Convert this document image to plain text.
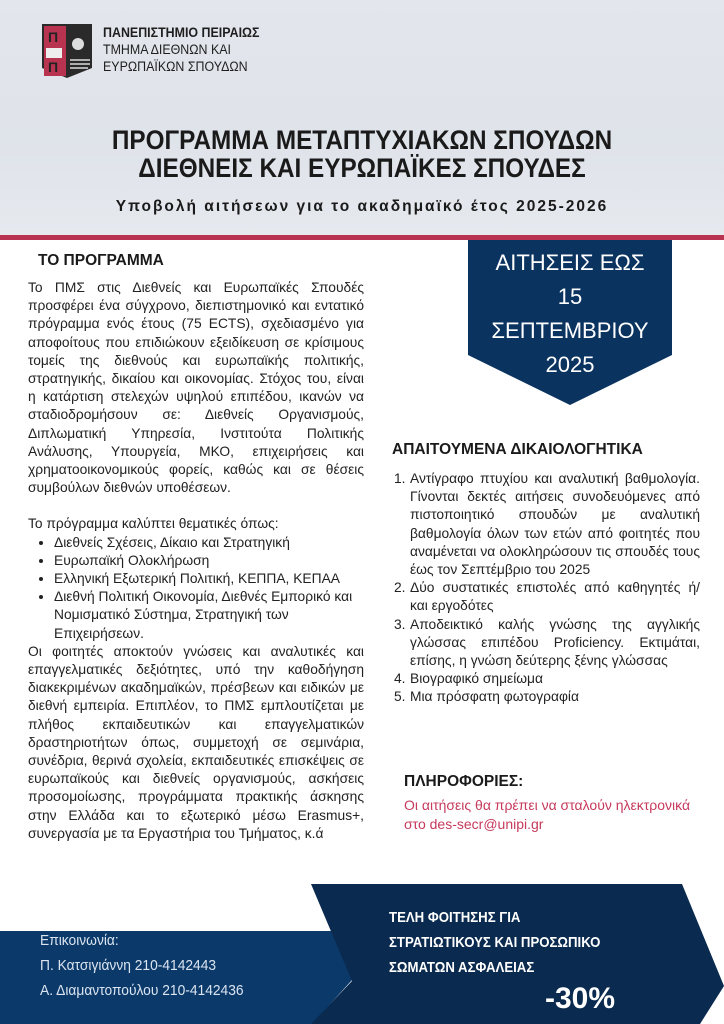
Π
Π
ΠΑΝΕΠΙΣΤΗΜΙΟ ΠΕΙΡΑΙΩΣ
ΤΜΗΜΑ ΔΙΕΘΝΩΝ ΚΑΙ
ΕΥΡΩΠΑΪΚΩΝ ΣΠΟΥΔΩΝ
ΠΡΟΓΡΑΜΜΑ ΜΕΤΑΠΤΥΧΙΑΚΩΝ ΣΠΟΥΔΩΝ
ΔΙΕΘΝΕΙΣ ΚΑΙ ΕΥΡΩΠΑΪΚΕΣ ΣΠΟΥΔΕΣ
Υποβολή αιτήσεων για το ακαδημαϊκό έτος 2025-2026
ΤΟ ΠΡΟΓΡΑΜΜΑ

Το ΠΜΣ στις Διεθνείς και Ευρωπαϊκές Σπουδές προσφέρει ένα σύγχρονο, διεπιστημονικό και εντατικό πρόγραμμα ενός έτους (75 ECTS), σχεδιασμένο για αποφοίτους που επιδιώκουν εξειδίκευση σε κρίσιμους τομείς της διεθνούς και ευρωπαϊκής πολιτικής, στρατηγικής, δικαίου και οικονομίας. Στόχος του, είναι η κατάρτιση στελεχών υψηλού επιπέδου, ικανών να σταδιοδρομήσουν σε: Διεθνείς Οργανισμούς, Διπλωματική Υπηρεσία, Ινστιτούτα Πολιτικής Ανάλυσης, Υπουργεία, ΜΚΟ, επιχειρήσεις και χρηματοοικονομικούς φορείς, καθώς και σε θέσεις συμβούλων διεθνών υποθέσεων.

Το πρόγραμμα καλύπτει θεματικές όπως:

• Διεθνείς Σχέσεις, Δίκαιο και Στρατηγική
• Ευρωπαϊκή Ολοκλήρωση
• Ελληνική Εξωτερική Πολιτική, ΚΕΠΠΑ, ΚΕΠΑΑ
• Διεθνή Πολιτική Οικονομία, Διεθνές Εμπορικό και Νομισματικό Σύστημα, Στρατηγική των Επιχειρήσεων.

Οι φοιτητές αποκτούν γνώσεις και αναλυτικές και επαγγελματικές δεξιότητες, υπό την καθοδήγηση διακεκριμένων ακαδημαϊκών, πρέσβεων και ειδικών με διεθνή εμπειρία. Επιπλέον, το ΠΜΣ εμπλουτίζεται με πλήθος εκπαιδευτικών και επαγγελματικών δραστηριοτήτων όπως, συμμετοχή σε σεμινάρια, συνέδρια, θερινά σχολεία, εκπαιδευτικές επισκέψεις σε ευρωπαϊκούς και διεθνείς οργανισμούς, ασκήσεις προσομοίωσης, προγράμματα πρακτικής άσκησης στην Ελλάδα και το εξωτερικό μέσω Erasmus+, συνεργασία με τα Εργαστήρια του Τμήματος, κ.ά

ΑΙΤΗΣΕΙΣ ΕΩΣ
15
ΣΕΠΤΕΜΒΡΙΟΥ
2025
ΑΠΑΙΤΟΥΜΕΝΑ ΔΙΚΑΙΟΛΟΓΗΤΙΚΑ
1. Αντίγραφο πτυχίου και αναλυτική βαθμολογία. Γίνονται δεκτές αιτήσεις συνοδευόμενες από πιστοποιητικό σπουδών με αναλυτική βαθμολογία όλων των ετών από φοιτητές που αναμένεται να ολοκληρώσουν τις σπουδές τους έως τον Σεπτέμβριο του 2025
2. Δύο συστατικές επιστολές από καθηγητές ή/ και εργοδότες
3. Αποδεικτικό καλής γνώσης της αγγλικής γλώσσας επιπέδου Proficiency. Εκτιμάται, επίσης, η γνώση δεύτερης ξένης γλώσσας
4. Βιογραφικό σημείωμα
5. Μια πρόσφατη φωτογραφία
ΠΛΗΡΟΦΟΡΙΕΣ:
Οι αιτήσεις θα πρέπει να σταλούν ηλεκτρονικά στο des-secr@unipi.gr
Επικοινωνία:
Π. Κατσιγιάννη 210-4142443
Α. Διαμαντοπούλου 210-4142436
ΤΕΛΗ ΦΟΙΤΗΣΗΣ ΓΙΑ
ΣΤΡΑΤΙΩΤΙΚΟΥΣ ΚΑΙ ΠΡΟΣΩΠΙΚΟ
ΣΩΜΑΤΩΝ ΑΣΦΑΛΕΙΑΣ
-30%
